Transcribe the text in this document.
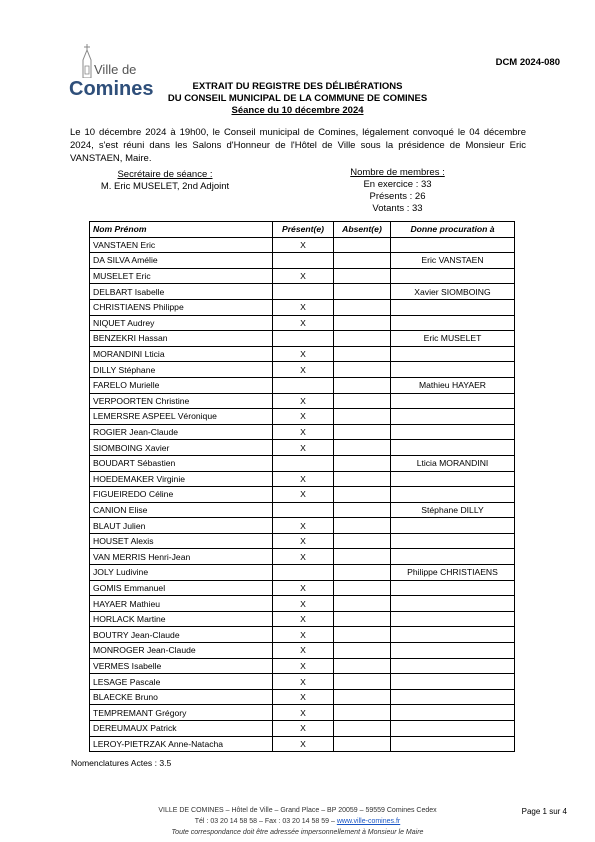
Ville de
Comines
DCM 2024-080
EXTRAIT DU REGISTRE DES DÉLIBÉRATIONS
DU CONSEIL MUNICIPAL DE LA COMMUNE DE COMINES
Séance du 10 décembre 2024
Le 10 décembre 2024 à 19h00, le Conseil municipal de Comines, légalement convoqué le 04 décembre 2024, s'est réuni dans les Salons d'Honneur de l'Hôtel de Ville sous la présidence de Monsieur Eric VANSTAEN, Maire.
Secrétaire de séance :
M. Eric MUSELET, 2nd Adjoint
Nombre de membres :
En exercice : 33
Présents : 26
Votants : 33
Nom Prénom	Présent(e)	Absent(e)	Donne procuration à
VANSTAEN Eric	X		
DA SILVA Amélie			Eric VANSTAEN
MUSELET Eric	X		
DELBART Isabelle			Xavier SIOMBOING
CHRISTIAENS Philippe	X		
NIQUET Audrey	X		
BENZEKRI Hassan			Eric MUSELET
MORANDINI Lticia	X		
DILLY Stéphane	X		
FARELO Murielle			Mathieu HAYAER
VERPOORTEN Christine	X		
LEMERSRE ASPEEL Véronique	X		
ROGIER Jean-Claude	X		
SIOMBOING Xavier	X		
BOUDART Sébastien			Lticia MORANDINI
HOEDEMAKER Virginie	X		
FIGUEIREDO Céline	X		
CANION Elise			Stéphane DILLY
BLAUT Julien	X		
HOUSET Alexis	X		
VAN MERRIS Henri-Jean	X		
JOLY Ludivine			Philippe CHRISTIAENS
GOMIS Emmanuel	X		
HAYAER Mathieu	X		
HORLACK Martine	X		
BOUTRY Jean-Claude	X		
MONROGER Jean-Claude	X		
VERMES Isabelle	X		
LESAGE Pascale	X		
BLAECKE Bruno	X		
TEMPREMANT Grégory	X		
DEREUMAUX Patrick	X		
LEROY-PIETRZAK Anne-Natacha	X		
Nomenclatures Actes : 3.5
VILLE DE COMINES – Hôtel de Ville – Grand Place – BP 20059 – 59559 Comines Cedex
Tél : 03 20 14 58 58 – Fax : 03 20 14 58 59 – www.ville-comines.fr
Toute correspondance doit être adressée impersonnellement à Monsieur le Maire
Page 1 sur 4
